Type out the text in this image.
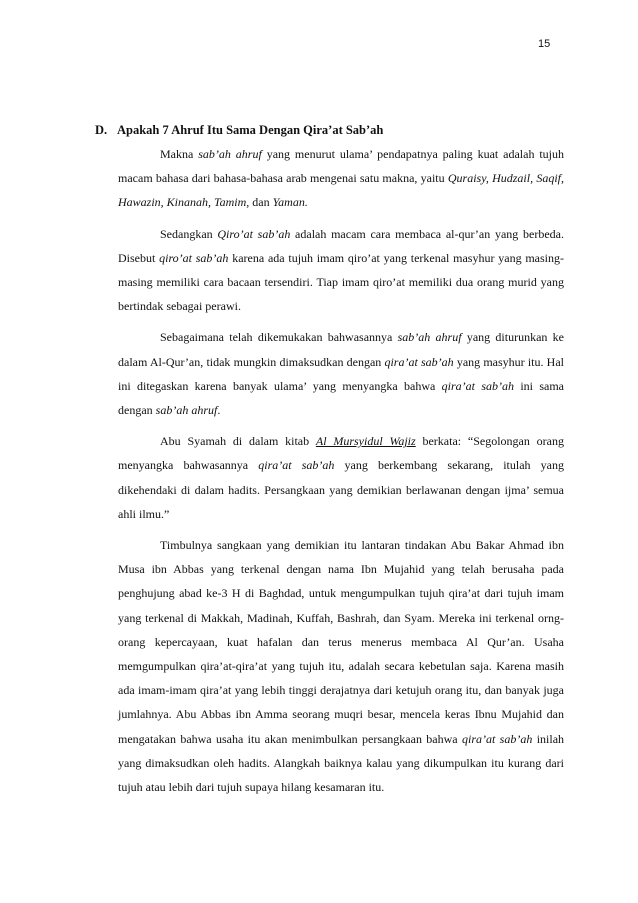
15
D. Apakah 7 Ahruf Itu Sama Dengan Qira’at Sab’ah

Makna sab’ah ahruf yang menurut ulama’ pendapatnya paling kuat adalah tujuh macam bahasa dari bahasa-bahasa arab mengenai satu makna, yaitu Quraisy, Hudzail, Saqif, Hawazin, Kinanah, Tamim, dan Yaman.

Sedangkan Qiro’at sab’ah adalah macam cara membaca al-qur’an yang berbeda. Disebut qiro’at sab’ah karena ada tujuh imam qiro’at yang terkenal masyhur yang masing-masing memiliki cara bacaan tersendiri. Tiap imam qiro’at memiliki dua orang murid yang bertindak sebagai perawi.

Sebagaimana telah dikemukakan bahwasannya sab’ah ahruf yang diturunkan ke dalam Al-Qur’an, tidak mungkin dimaksudkan dengan qira’at sab’ah yang masyhur itu. Hal ini ditegaskan karena banyak ulama’ yang menyangka bahwa qira’at sab’ah ini sama dengan sab’ah ahruf.

Abu Syamah di dalam kitab Al Mursyidul Wajiz berkata: “Segolongan orang menyangka bahwasannya qira’at sab’ah yang berkembang sekarang, itulah yang dikehendaki di dalam hadits. Persangkaan yang demikian berlawanan dengan ijma’ semua ahli ilmu.”

Timbulnya sangkaan yang demikian itu lantaran tindakan Abu Bakar Ahmad ibn Musa ibn Abbas yang terkenal dengan nama Ibn Mujahid yang telah berusaha pada penghujung abad ke-3 H di Baghdad, untuk mengumpulkan tujuh qira’at dari tujuh imam yang terkenal di Makkah, Madinah, Kuffah, Bashrah, dan Syam. Mereka ini terkenal orng-orang kepercayaan, kuat hafalan dan terus menerus membaca Al Qur’an. Usaha memgumpulkan qira’at-qira’at yang tujuh itu, adalah secara kebetulan saja. Karena masih ada imam-imam qira’at yang lebih tinggi derajatnya dari ketujuh orang itu, dan banyak juga jumlahnya. Abu Abbas ibn Amma seorang muqri besar, mencela keras Ibnu Mujahid dan mengatakan bahwa usaha itu akan menimbulkan persangkaan bahwa qira’at sab’ah inilah yang dimaksudkan oleh hadits. Alangkah baiknya kalau yang dikumpulkan itu kurang dari tujuh atau lebih dari tujuh supaya hilang kesamaran itu.
